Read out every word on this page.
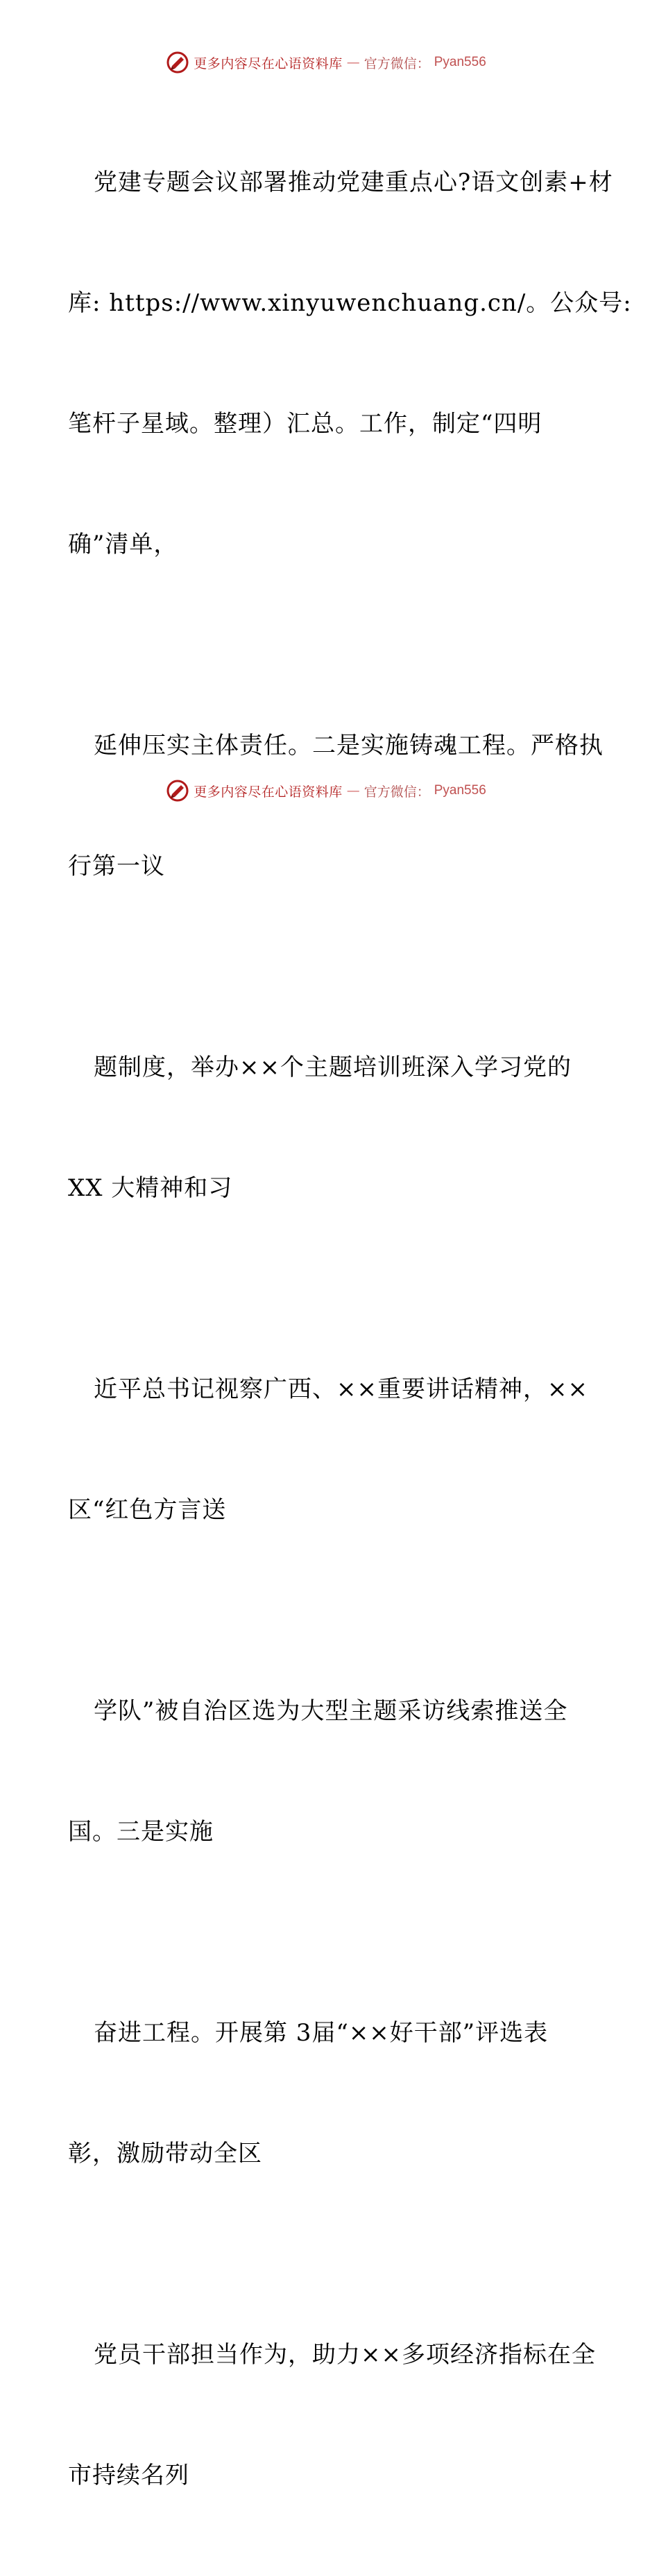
更多内容尽在心语资料库 — 官方微信： Pyan556

党建专题会议部署推动党建重点心?语文创素+材

库: https://www.xinyuwenchuang.cn/。公众号:

笔杆子星域。整理）汇总。工作，制定“四明

确”清单，

延伸压实主体责任。二是实施铸魂工程。严格执

行第一议

题制度，举办××个主题培训班深入学习党的

XX 大精神和习

近平总书记视察广西、××重要讲话精神，××

区“红色方言送

学队”被自治区选为大型主题采访线索推送全

国。三是实施

奋进工程。开展第 3届“××好干部”评选表

彰，激励带动全区

党员干部担当作为，助力××多项经济指标在全

市持续名列

更多内容尽在心语资料库 — 官方微信： Pyan556
